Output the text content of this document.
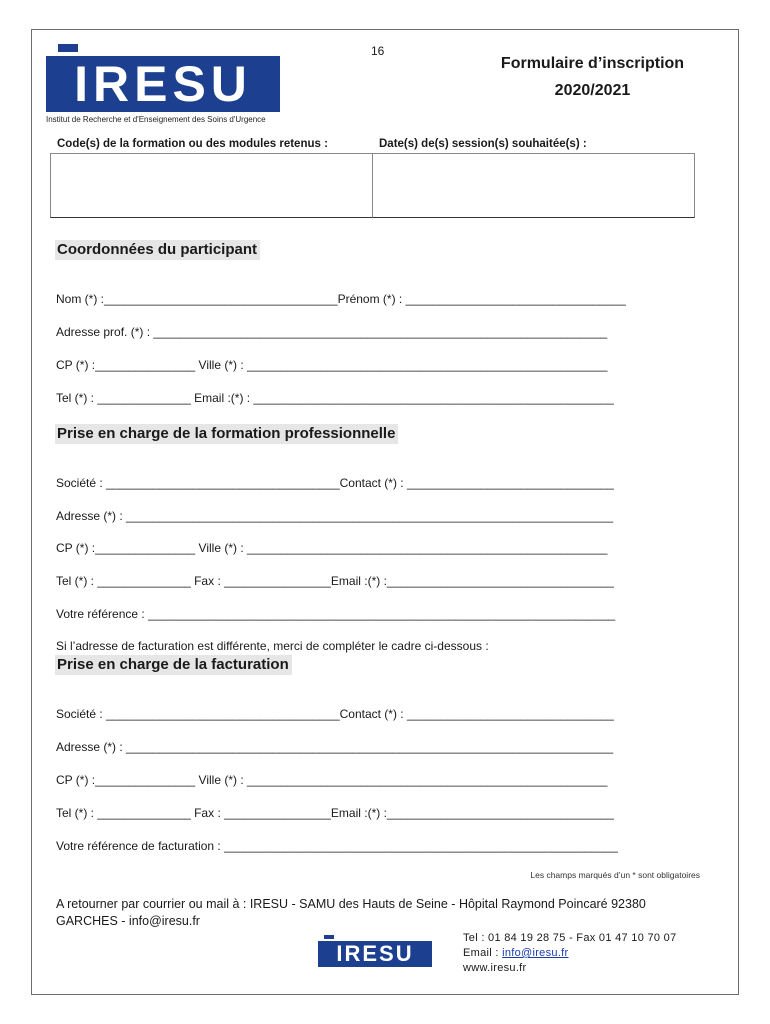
16
IRESU
Institut de Recherche et d'Enseignement des Soins d'Urgence
Formulaire d’inscription
2020/2021
Code(s) de la formation ou des modules retenus :	Date(s) de(s) session(s) souhaitée(s) :
Coordonnées du participant
Nom (*) :___________________________________Prénom (*) : _________________________________
Adresse prof. (*) : ____________________________________________________________________
CP (*) :_______________ Ville (*) : ______________________________________________________
Tel (*) : ______________ Email :(*) : ______________________________________________________
Prise en charge de la formation professionnelle
Société : ___________________________________Contact (*) : _______________________________
Adresse (*) : _________________________________________________________________________
CP (*) :_______________ Ville (*) : ______________________________________________________
Tel (*) : ______________ Fax : ________________Email :(*) :__________________________________
Votre référence : ______________________________________________________________________
Si l’adresse de facturation est différente, merci de compléter le cadre ci-dessous :
Prise en charge de la facturation
Société : ___________________________________Contact (*) : _______________________________
Adresse (*) : _________________________________________________________________________
CP (*) :_______________ Ville (*) : ______________________________________________________
Tel (*) : ______________ Fax : ________________Email :(*) :__________________________________
Votre référence de facturation : ___________________________________________________________
Les champs marqués d’un * sont obligatoires
A retourner par courrier ou mail à : IRESU - SAMU des Hauts de Seine - Hôpital Raymond Poincaré 92380
GARCHES - info@iresu.fr
IRESU
Tel : 01 84 19 28 75 - Fax 01 47 10 70 07
Email : info@iresu.fr
www.iresu.fr
